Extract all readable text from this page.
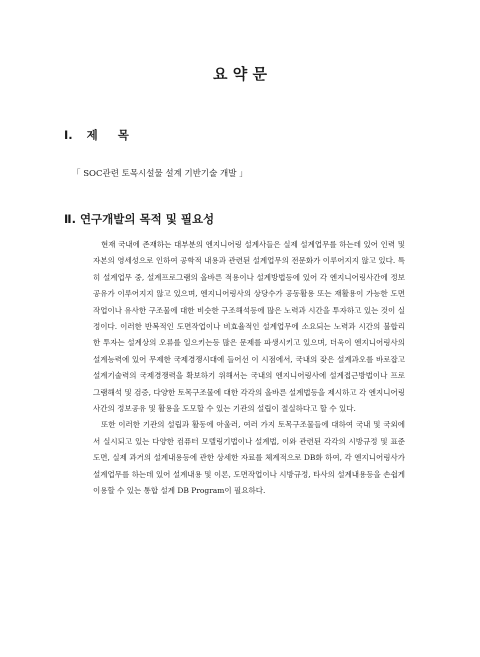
요 약 문
Ⅰ. 제     목
「 SOC관련 토목시설물 설계 기반기술 개발 」
Ⅱ. 연구개발의 목적 및 필요성

현재 국내에 존재하는 대부분의 엔지니어링 설계사들은 실제 설계업무를 하는데 있어 인력 및 자본의 영세성으로 인하여 공학적 내용과 관련된 설계업무의 전문화가 이루어지지 않고 있다. 특히 설계업무 중, 설계프로그램의 올바른 적용이나 설계방법등에 있어 각 엔지니어링사간에 정보공유가 이루어지지 않고 있으며, 엔지니어링사의 상당수가 공동활용 또는 재활용이 가능한 도면작업이나 유사한 구조물에 대한 비슷한 구조해석등에 많은 노력과 시간을 투자하고 있는 것이 실정이다. 이러한 반복적인 도면작업이나 비효율적인 설계업무에 소요되는 노력과 시간의 불합리한 투자는 설계상의 오류를 일으키는등 많은 문제를 파생시키고 있으며, 더욱이 엔지니어링사의 설계능력에 있어 무제한 국제경쟁시대에 들어선 이 시점에서, 국내의 잦은 설계과오를 바로잡고 설계기술력의 국제경쟁력을 확보하기 위해서는 국내의 엔지니어링사에 설계접근방법이나 프로그램해석 및 검증, 다양한 토목구조물에 대한 각각의 올바른 설계법등을 제시하고 각 엔지니어링사간의 정보공유 및 활용을 도모할 수 있는 기관의 설립이 절실하다고 할 수 있다.

또한 이러한 기관의 설립과 활동에 아울러, 여러 가지 토목구조물들에 대하여 국내 및 국외에서 실시되고 있는 다양한 컴퓨터 모델링기법이나 설계법, 이와 관련된 각각의 시방규정 및 표준도면, 실제 과거의 설계내용등에 관한 상세한 자료를 체계적으로 DB화 하여, 각 엔지니어링사가 설계업무를 하는데 있어 설계내용 및 이론, 도면작업이나 시방규정, 타사의 설계내용등을 손쉽게 이용할 수 있는 통합 설계 DB Program이 필요하다.
